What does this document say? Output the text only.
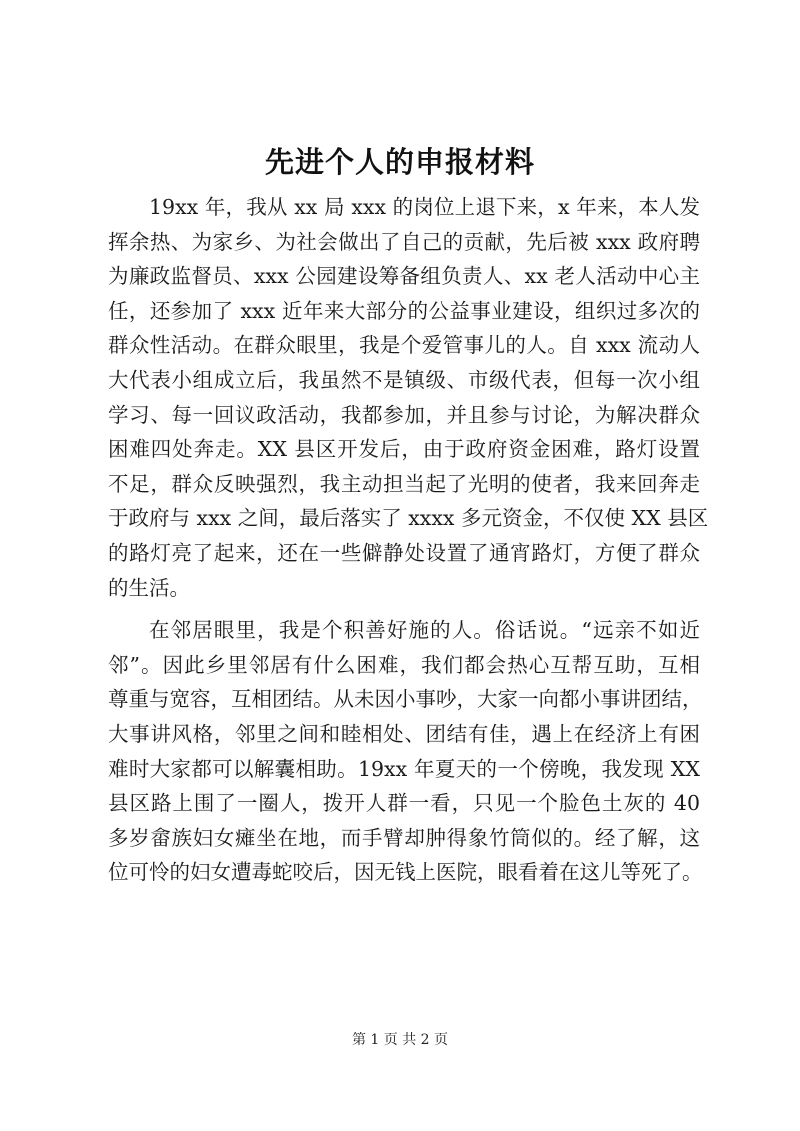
先进个人的申报材料
19xx 年，我从 xx 局 xxx 的岗位上退下来，x 年来，本人发
挥余热、为家乡、为社会做出了自己的贡献，先后被 xxx 政府聘
为廉政监督员、xxx 公园建设筹备组负责人、xx 老人活动中心主
任，还参加了 xxx 近年来大部分的公益事业建设，组织过多次的
群众性活动。在群众眼里，我是个爱管事儿的人。自 xxx 流动人
大代表小组成立后，我虽然不是镇级、市级代表，但每一次小组
学习、每一回议政活动，我都参加，并且参与讨论，为解决群众
困难四处奔走。XX 县区开发后，由于政府资金困难，路灯设置
不足，群众反映强烈，我主动担当起了光明的使者，我来回奔走
于政府与 xxx 之间，最后落实了 xxxx 多元资金，不仅使 XX 县区
的路灯亮了起来，还在一些僻静处设置了通宵路灯，方便了群众
的生活。
在邻居眼里，我是个积善好施的人。俗话说。“远亲不如近
邻”。因此乡里邻居有什么困难，我们都会热心互帮互助，互相
尊重与宽容，互相团结。从未因小事吵，大家一向都小事讲团结，
大事讲风格，邻里之间和睦相处、团结有佳，遇上在经济上有困
难时大家都可以解囊相助。19xx 年夏天的一个傍晚，我发现 XX
县区路上围了一圈人，拨开人群一看，只见一个脸色土灰的 40
多岁畲族妇女瘫坐在地，而手臂却肿得象竹筒似的。经了解，这
位可怜的妇女遭毒蛇咬后，因无钱上医院，眼看着在这儿等死了。
第 1 页 共 2 页
